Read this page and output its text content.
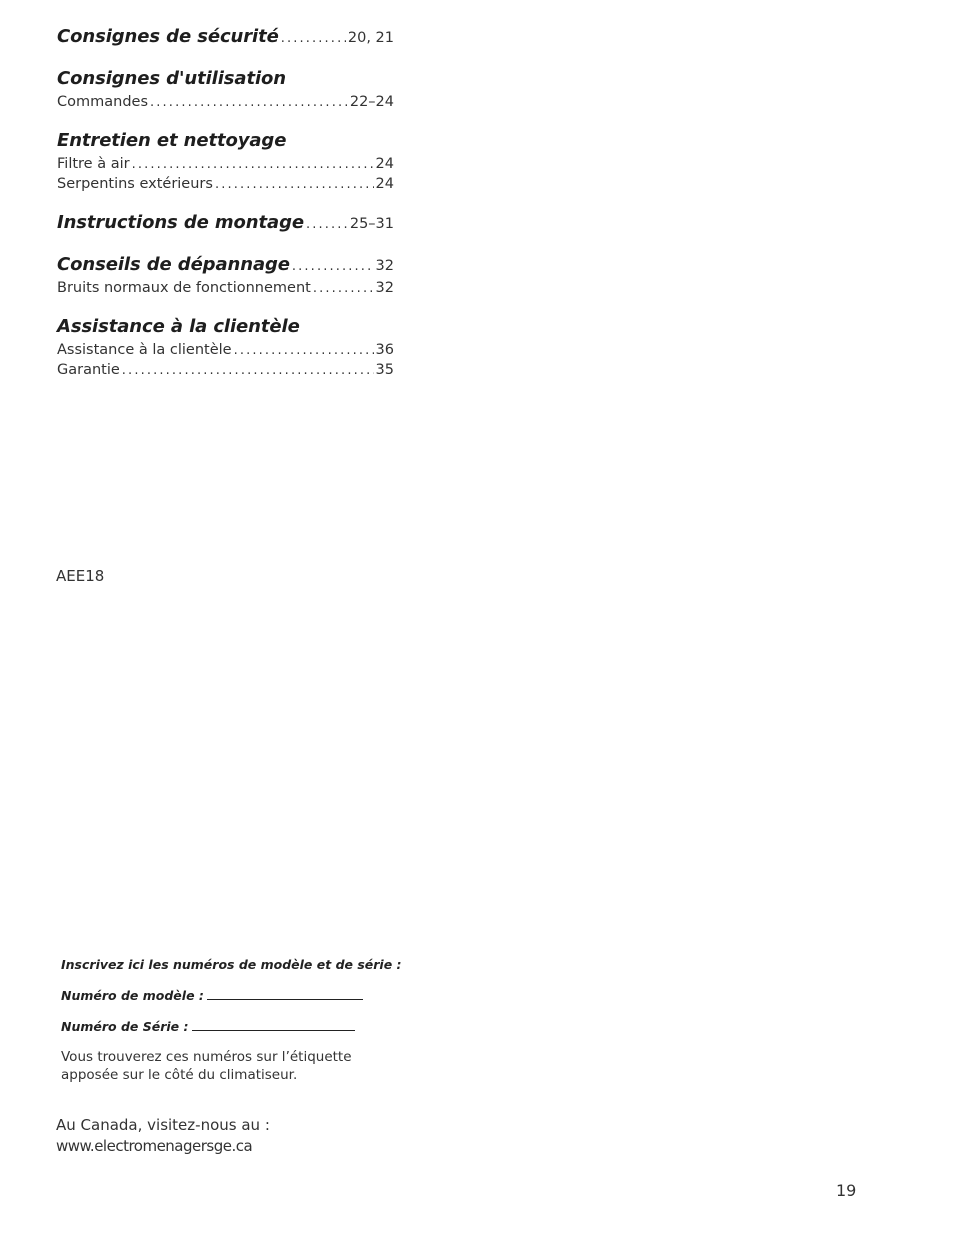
Consignes de sécurité . . .	20, 21
Consignes d'utilisation
Commandes . . .	22–24
Entretien et nettoyage
Filtre à air . . .	24
Serpentins extérieurs . . .	24
Instructions de montage . . .	25–31
Conseils de dépannage . . .	32
Bruits normaux de fonctionnement . . .	32
Assistance à la clientèle
Assistance à la clientèle . . .	36
Garantie . . .	35
AEE18
Inscrivez ici les numéros de modèle et de série :
Numéro de modèle :
Numéro de Série :
Vous trouverez ces numéros sur l’étiquette apposée sur le côté du climatiseur.
Au Canada, visitez-nous au :
www.electromenagersge.ca
19
